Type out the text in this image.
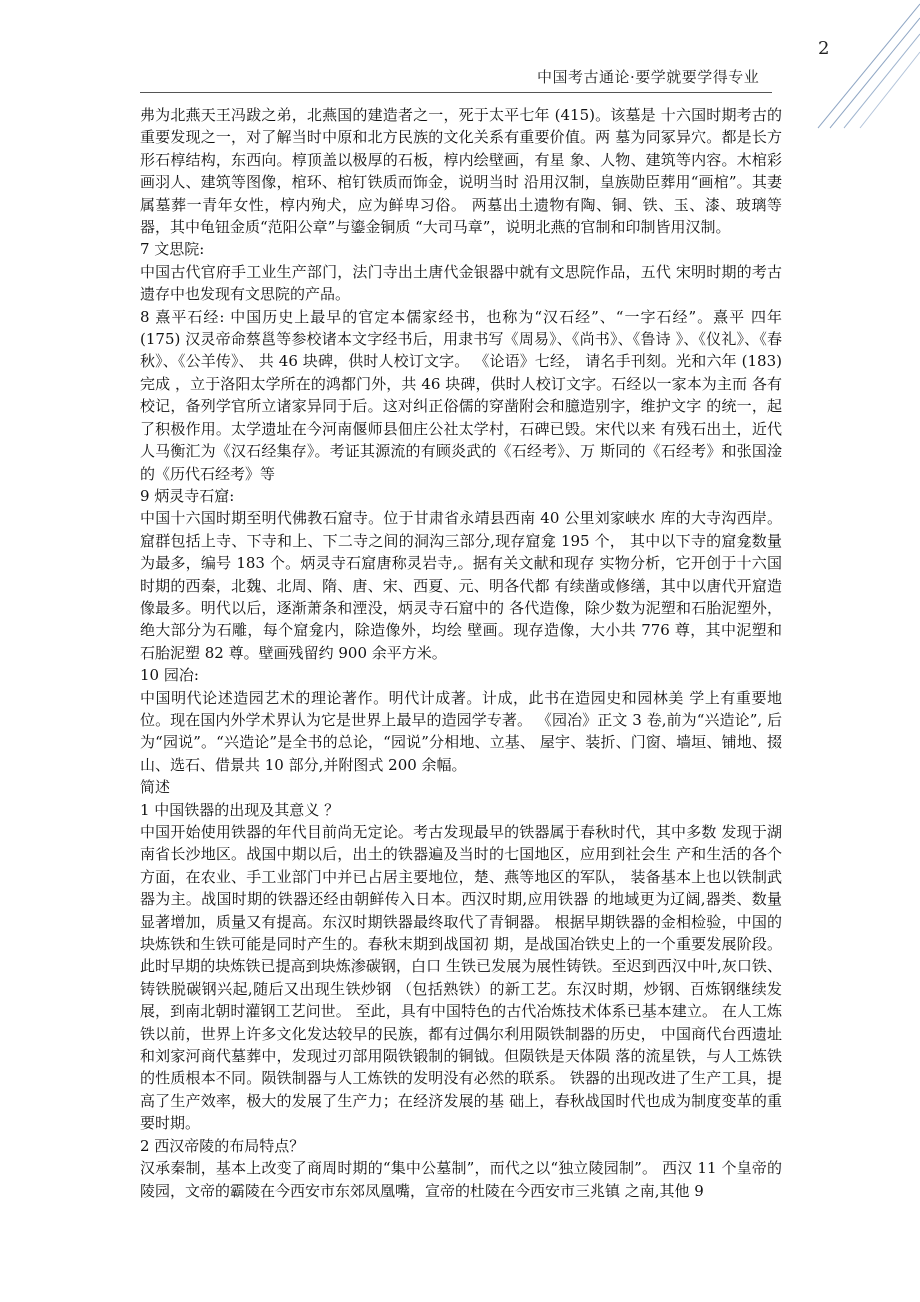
2
中国考古通论·要学就要学得专业

弗为北燕天王冯跋之弟，北燕国的建造者之一，死于太平七年 (415)。该墓是 十六国时期考古的重要发现之一，对了解当时中原和北方民族的文化关系有重要价值。两 墓为同冢异穴。都是长方形石椁结构，东西向。椁顶盖以极厚的石板，椁内绘壁画，有星 象、人物、建筑等内容。木棺彩画羽人、建筑等图像，棺环、棺钉铁质而饰金，说明当时 沿用汉制，皇族勋臣葬用“画棺”。其妻属墓葬一青年女性，椁内殉犬，应为鲜卑习俗。 两墓出土遗物有陶、铜、铁、玉、漆、玻璃等器，其中龟钮金质“范阳公章”与鎏金铜质 “大司马章”，说明北燕的官制和印制皆用汉制。

7 文思院:

中国古代官府手工业生产部门，法门寺出土唐代金银器中就有文思院作品，五代 宋明时期的考古遗存中也发现有文思院的产品。

8 熹平石经: 中国历史上最早的官定本儒家经书，也称为“汉石经”、“一字石经”。熹平 四年 (175) 汉灵帝命蔡邕等参校诸本文字经书后，用隶书写《周易》、《尚书》、《鲁诗 》、《仪礼》、《春秋》、《公羊传》、 共 46 块碑，供时人校订文字。 《论语》七经， 请名手刊刻。光和六年 (183) 完成 ，立于洛阳太学所在的鸿都门外，共 46 块碑，供时人校订文字。石经以一家本为主而 各有校记，备列学官所立诸家异同于后。这对纠正俗儒的穿凿附会和臆造别字，维护文字 的统一，起了积极作用。太学遗址在今河南偃师县佃庄公社太学村，石碑已毁。宋代以来 有残石出土，近代人马衡汇为《汉石经集存》。考证其源流的有顾炎武的《石经考》、万 斯同的《石经考》和张国淦的《历代石经考》等

9 炳灵寺石窟:

中国十六国时期至明代佛教石窟寺。位于甘肃省永靖县西南 40 公里刘家峡水 库的大寺沟西岸。窟群包括上寺、下寺和上、下二寺之间的洞沟三部分,现存窟龛 195 个， 其中以下寺的窟龛数量为最多，编号 183 个。炳灵寺石窟唐称灵岩寺,。据有关文献和现存 实物分析，它开创于十六国时期的西秦，北魏、北周、隋、唐、宋、西夏、元、明各代都 有续凿或修缮，其中以唐代开窟造像最多。明代以后，逐渐萧条和湮没，炳灵寺石窟中的 各代造像，除少数为泥塑和石胎泥塑外，绝大部分为石雕，每个窟龛内，除造像外，均绘 壁画。现存造像，大小共 776 尊，其中泥塑和石胎泥塑 82 尊。壁画残留约 900 余平方米。

10 园冶:

中国明代论述造园艺术的理论著作。明代计成著。计成，此书在造园史和园林美 学上有重要地位。现在国内外学术界认为它是世界上最早的造园学专著。 《园冶》正文 3 卷,前为“兴造论”, 后为“园说”。“兴造论”是全书的总论，“园说”分相地、立基、 屋宇、装折、门窗、墙垣、铺地、掇山、选石、借景共 10 部分,并附图式 200 余幅。

简述

1 中国铁器的出现及其意义 ？

中国开始使用铁器的年代目前尚无定论。考古发现最早的铁器属于春秋时代，其中多数 发现于湖南省长沙地区。战国中期以后，出土的铁器遍及当时的七国地区，应用到社会生 产和生活的各个方面，在农业、手工业部门中并已占居主要地位，楚、燕等地区的军队， 装备基本上也以铁制武器为主。战国时期的铁器还经由朝鲜传入日本。西汉时期,应用铁器 的地域更为辽阔,器类、数量显著增加，质量又有提高。东汉时期铁器最终取代了青铜器。 根据早期铁器的金相检验，中国的块炼铁和生铁可能是同时产生的。春秋末期到战国初 期，是战国冶铁史上的一个重要发展阶段。此时早期的块炼铁已提高到块炼渗碳钢，白口 生铁已发展为展性铸铁。至迟到西汉中叶,灰口铁、铸铁脱碳钢兴起,随后又出现生铁炒钢 （包括熟铁）的新工艺。东汉时期，炒钢、百炼钢继续发展，到南北朝时灌钢工艺问世。 至此，具有中国特色的古代冶炼技术体系已基本建立。 在人工炼铁以前，世界上许多文化发达较早的民族，都有过偶尔利用陨铁制器的历史， 中国商代台西遗址和刘家河商代墓葬中，发现过刃部用陨铁锻制的铜钺。但陨铁是天体陨 落的流星铁，与人工炼铁的性质根本不同。陨铁制器与人工炼铁的发明没有必然的联系。 铁器的出现改进了生产工具，提高了生产效率，极大的发展了生产力；在经济发展的基 础上，春秋战国时代也成为制度变革的重要时期。

2 西汉帝陵的布局特点？

汉承秦制，基本上改变了商周时期的“集中公墓制”，而代之以“独立陵园制”。 西汉 11 个皇帝的陵园，文帝的霸陵在今西安市东郊凤凰嘴，宣帝的杜陵在今西安市三兆镇 之南,其他 9
